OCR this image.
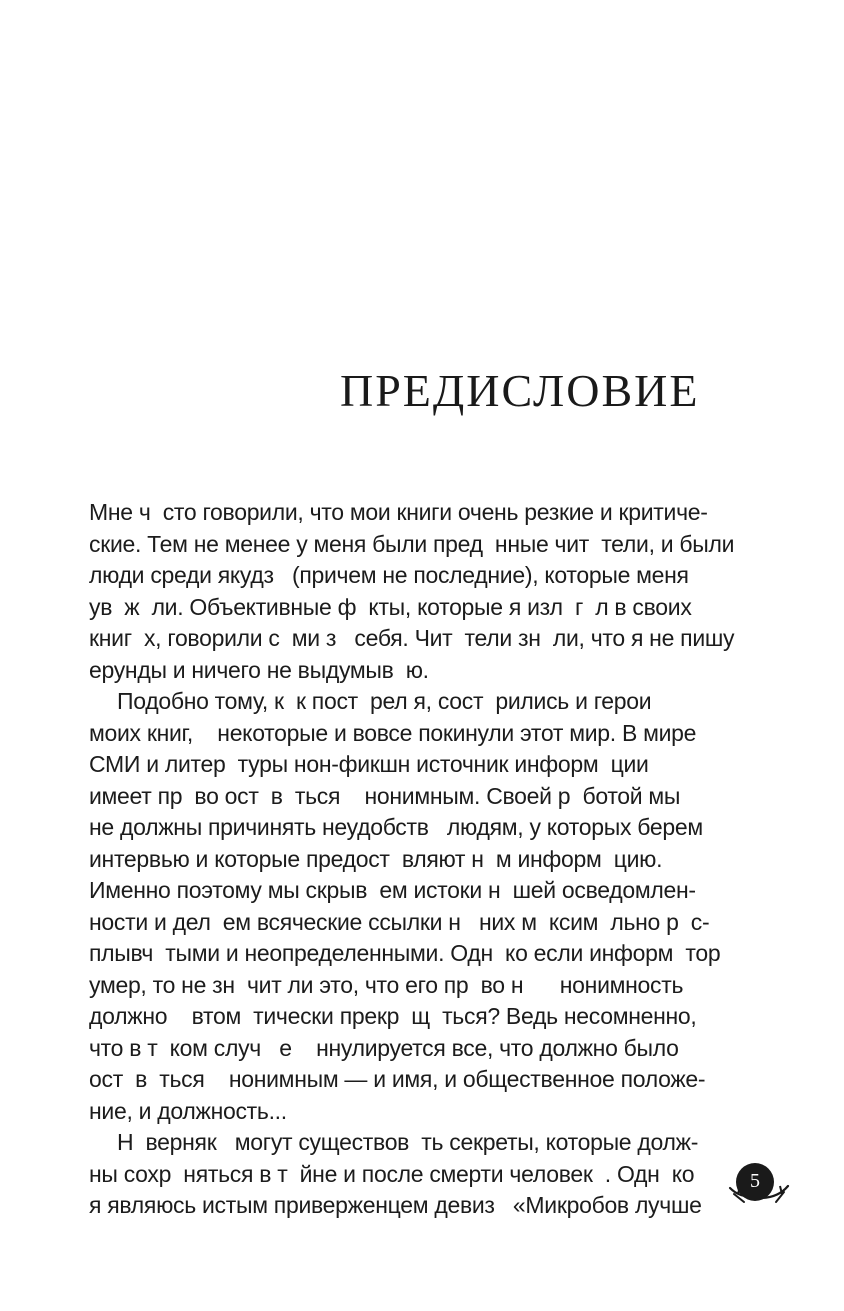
ПРЕДИСЛОВИЕ
Мне ч  сто говорили, что мои книги очень резкие и критиче-
ские. Тем не менее у меня были пред  нные чит  тели, и были
люди среди якудз   (причем не последние), которые меня
ув  ж  ли. Объективные ф  кты, которые я изл  г  л в своих
книг  х, говорили с  ми з   себя. Чит  тели зн  ли, что я не пишу
ерунды и ничего не выдумыв  ю.
Подобно тому, к  к пост  рел я, сост  рились и герои
моих книг,    некоторые и вовсе покинули этот мир. В мире
СМИ и литер  туры нон-фикшн источник информ  ции
имеет пр  во ост  в  ться    нонимным. Своей р  ботой мы
не должны причинять неудобств   людям, у которых берем
интервью и которые предост  вляют н  м информ  цию.
Именно поэтому мы скрыв  ем истоки н  шей осведомлен-
ности и дел  ем всяческие ссылки н   них м  ксим  льно р  с-
плывч  тыми и неопределенными. Одн  ко если информ  тор
умер, то не зн  чит ли это, что его пр  во н      нонимность
должно    втом  тически прекр  щ  ться? Ведь несомненно,
что в т  ком случ   е    ннулируется все, что должно было
ост  в  ться    нонимным — и имя, и общественное положе-
ние, и должность...
Н  верняк   могут существов  ть секреты, которые долж-
ны сохр  няться в т  йне и после смерти человек  . Одн  ко
я являюсь истым приверженцем девиз   «Микробов лучше
5
